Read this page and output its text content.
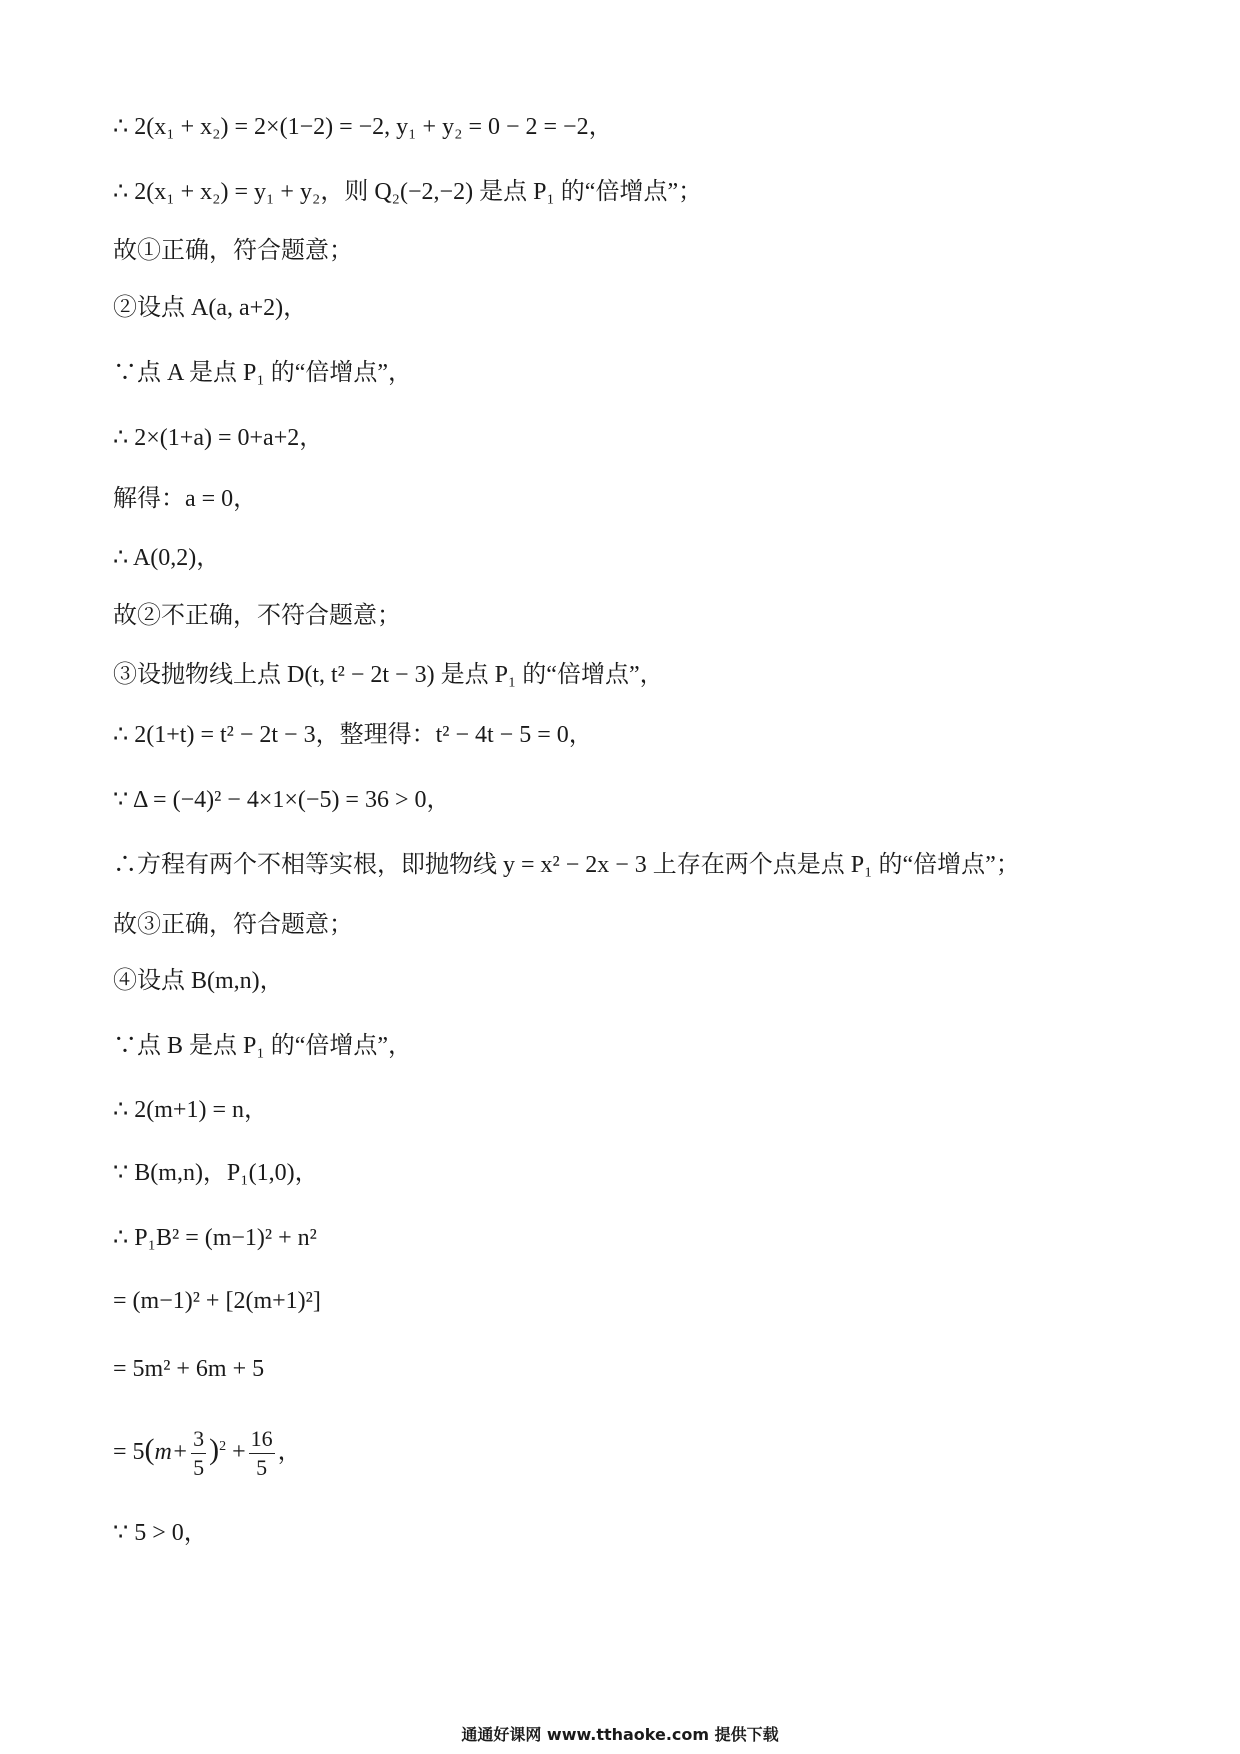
∴ 2(x₁ + x₂) = 2×(1−2) = −2, y₁ + y₂ = 0 − 2 = −2，
∴ 2(x₁ + x₂) = y₁ + y₂，则 Q₂(−2,−2) 是点 P₁ 的“倍增点”；
故①正确，符合题意；
②设点 A(a, a+2)，
∵点 A 是点 P₁ 的“倍增点”，
∴ 2×(1+a) = 0+a+2，
解得：a = 0，
∴ A(0,2)，
故②不正确，不符合题意；
③设抛物线上点 D(t, t² − 2t − 3) 是点 P₁ 的“倍增点”，
∴ 2(1+t) = t² − 2t − 3，整理得：t² − 4t − 5 = 0，
∵ Δ = (−4)² − 4×1×(−5) = 36 > 0，
∴方程有两个不相等实根，即抛物线 y = x² − 2x − 3 上存在两个点是点 P₁ 的“倍增点”；
故③正确，符合题意；
④设点 B(m,n)，
∵点 B 是点 P₁ 的“倍增点”，
∴ 2(m+1) = n，
∵ B(m,n)，P₁(1,0)，
∴ P₁B² = (m−1)² + n²
= (m−1)² + [2(m+1)²]
= 5m² + 6m + 5
= $5(m+ \frac{3}{5} )^2 + \frac{16}{5}$ ，
∵ 5 > 0，
通通好课网 www.tthaoke.com 提供下载
